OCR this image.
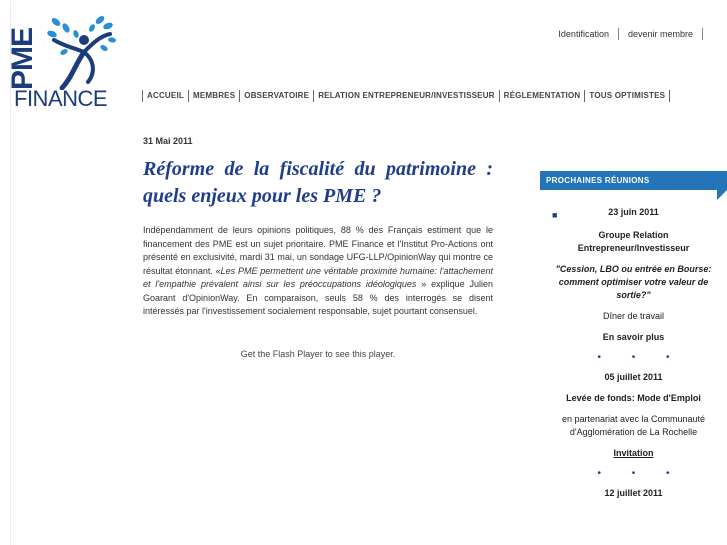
PME
FINANCE
Identification	devenir membre
ACCUEIL	MEMBRES	OBSERVATOIRE	RELATION ENTREPRENEUR/INVESTISSEUR	RÉGLEMENTATION	TOUS OPTIMISTES
31 Mai 2011
Réforme de la fiscalité du patrimoine : quels enjeux pour les PME ?

Indépendamment de leurs opinions politiques, 88 % des Français estiment que le financement des PME est un sujet prioritaire. PME Finance et l'Institut Pro-Actions ont présenté en exclusivité, mardi 31 mai, un sondage UFG-LLP/OpinionWay qui montre ce résultat étonnant. «Les PME permettent une véritable proximité humaine: l'attachement et l'empathie prévalent ainsi sur les préoccupations idéologiques » explique Julien Goarant d'OpinionWay. En comparaison, seuls 58 % des interrogés se disent intéressés par l'investissement socialement responsable, sujet pourtant consensuel.

Get the Flash Player to see this player.
PROCHAINES RÉUNIONS
■	23 juin 2011

Groupe Relation Entrepreneur/Investisseur

"Cession, LBO ou entrée en Bourse: comment optimiser votre valeur de sortie?"

Dîner de travail

En savoir plus

• • •

05 juillet 2011

Levée de fonds: Mode d'Emploi

en partenariat avec la Communauté d'Agglomération de La Rochelle

Invitation

• • •

12 juillet 2011
